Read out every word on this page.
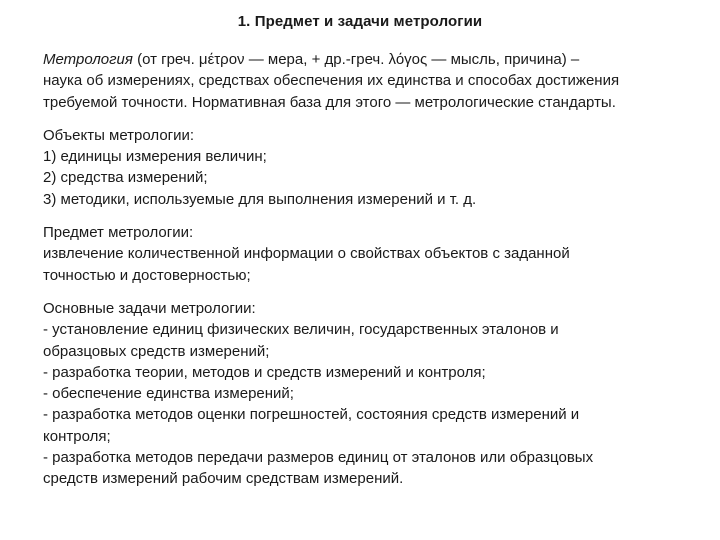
1. Предмет и задачи метрологии
Метрология (от греч. μέτρον — мера, + др.-греч. λόγος — мысль, причина) –
наука об измерениях, средствах обеспечения их единства и способах достижения
требуемой точности. Нормативная база для этого — метрологические стандарты.
Объекты метрологии:
1) единицы измерения величин;
2) средства измерений;
3) методики, используемые для выполнения измерений и т. д.
Предмет метрологии:
извлечение количественной информации о свойствах объектов с заданной
точностью и достоверностью;
Основные задачи метрологии:
- установление единиц физических величин, государственных эталонов и
образцовых средств измерений;
- разработка теории, методов и средств измерений и контроля;
- обеспечение единства измерений;
- разработка методов оценки погрешностей, состояния средств измерений и
контроля;
- разработка методов передачи размеров единиц от эталонов или образцовых
средств измерений рабочим средствам измерений.
